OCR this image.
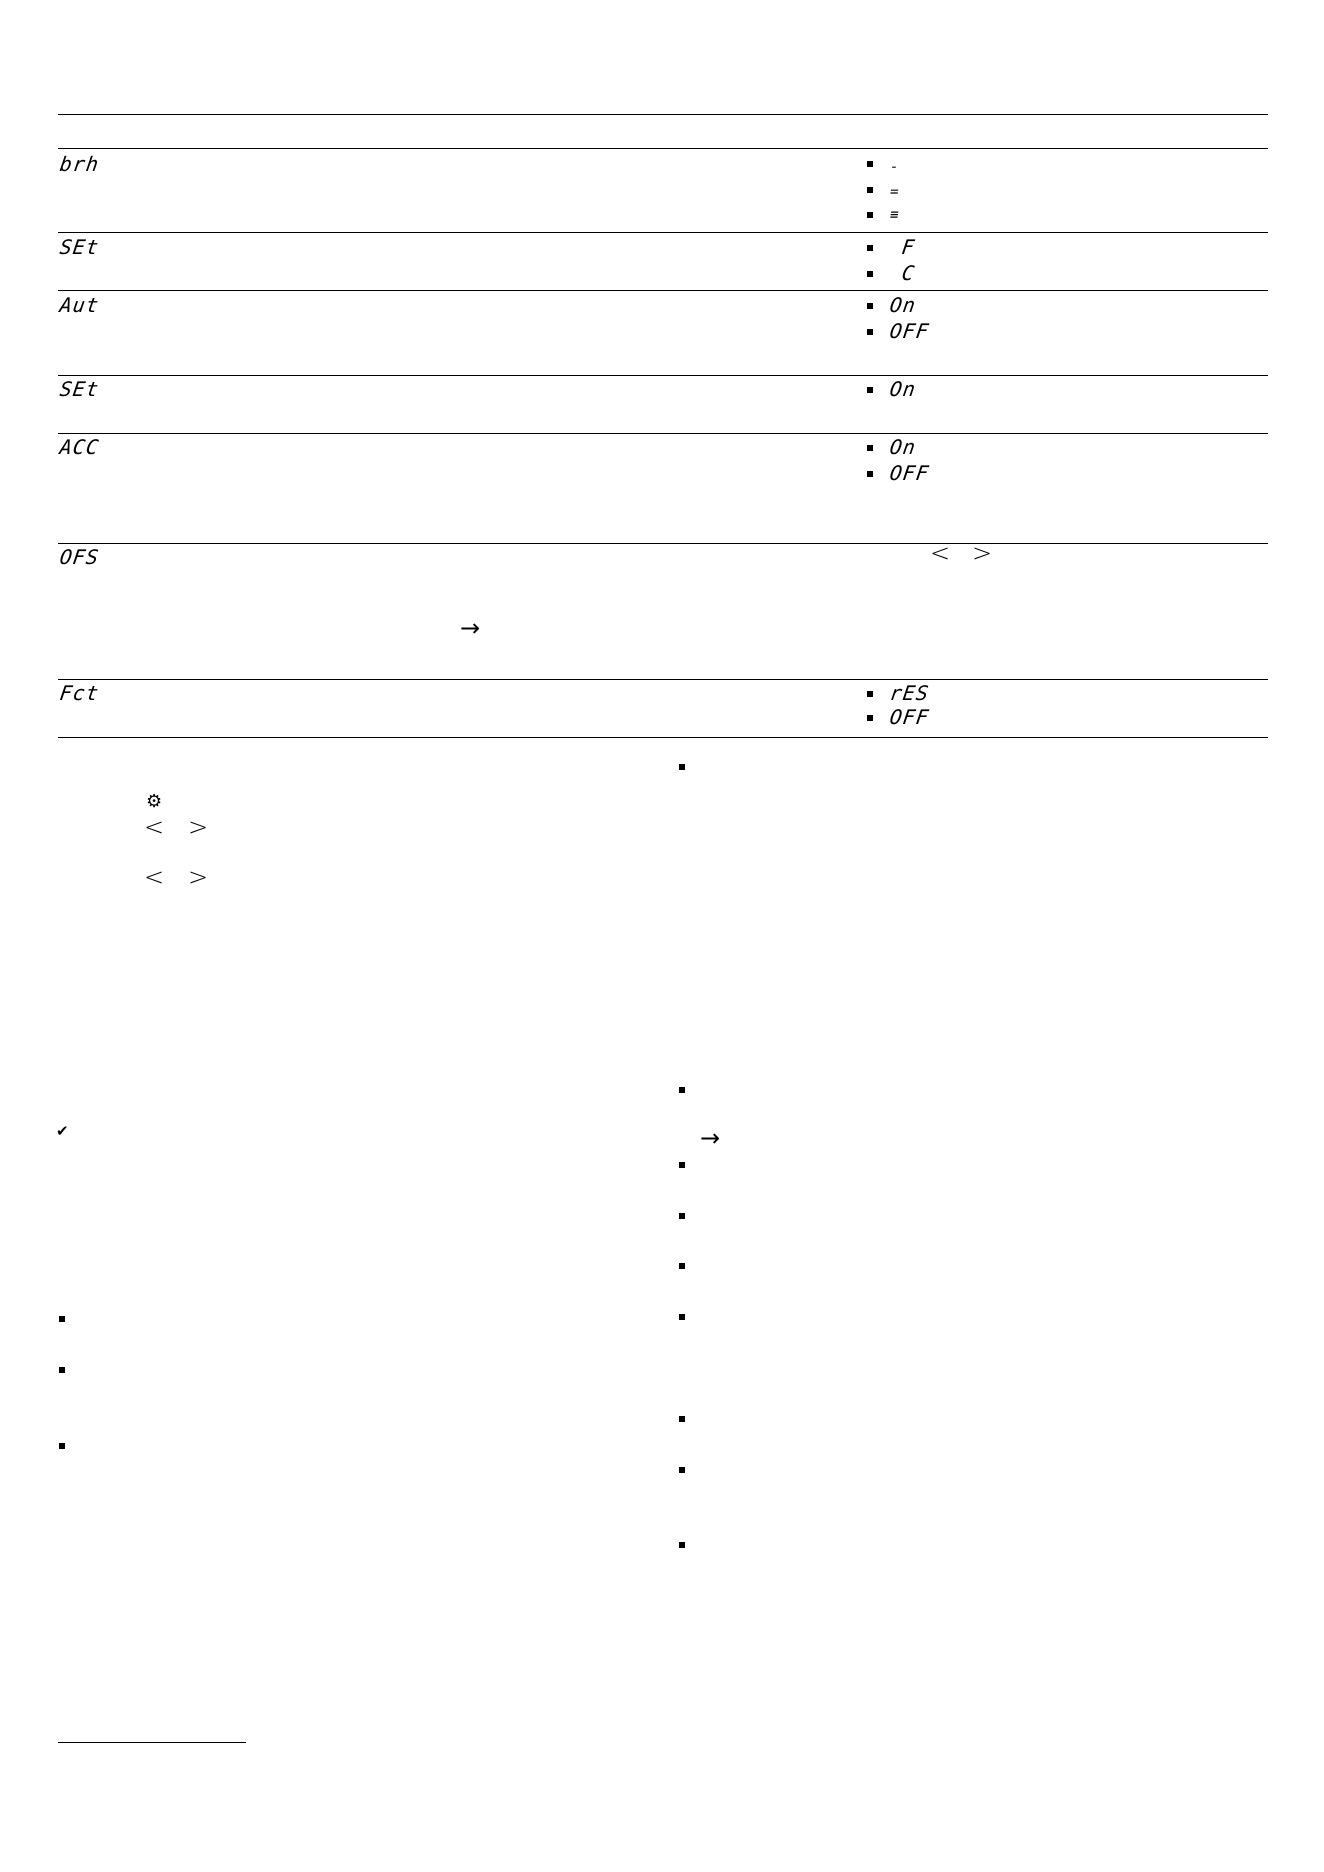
brh	-
=
≡
SEt	F
C
Aut	On
OFF
SEt	On
ACC	On
OFF
OFS	< >
→
Fct	rES
OFF
⚙
< >
< >
✔	→
